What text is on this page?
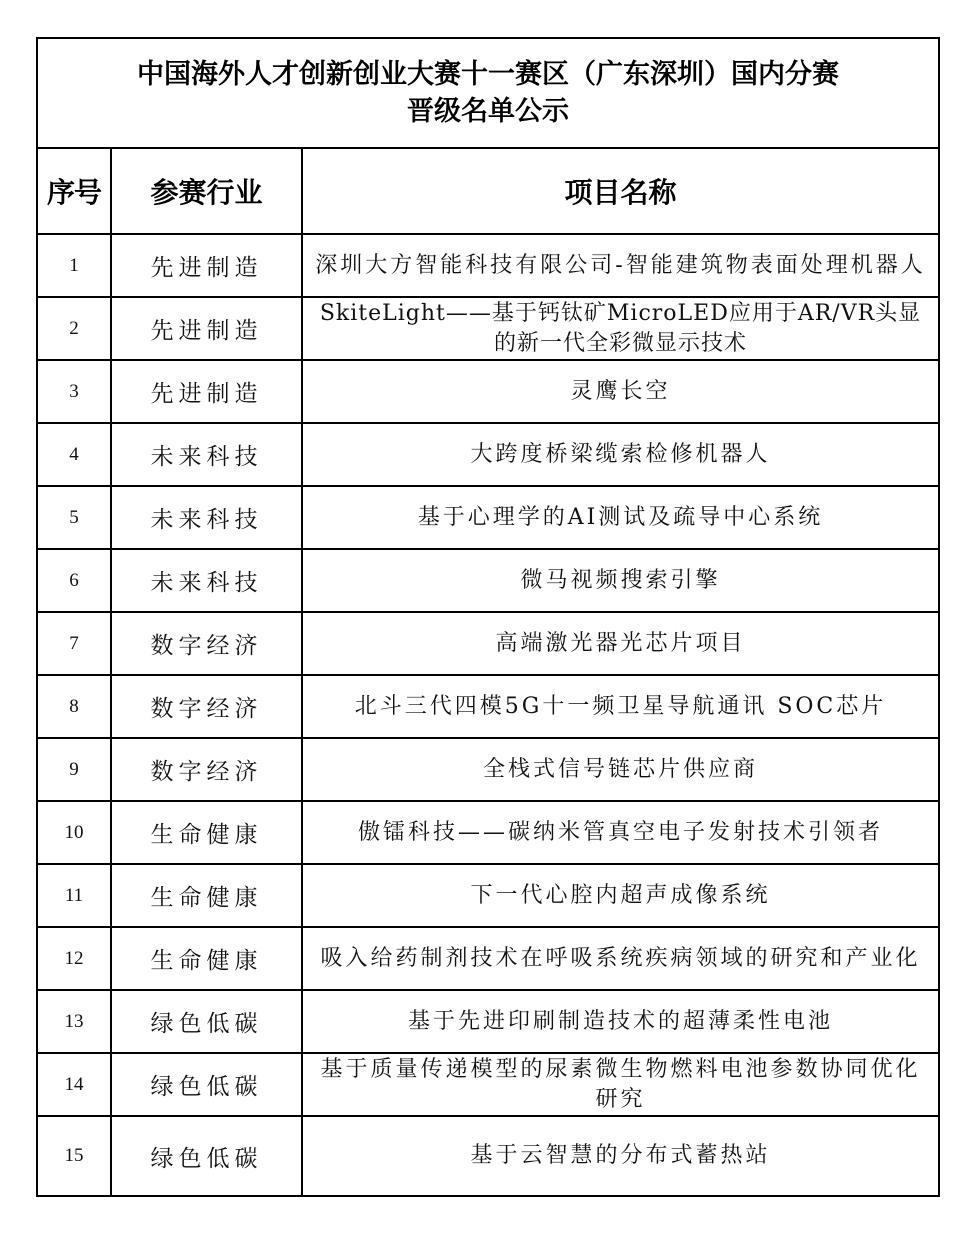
中国海外人才创新创业大赛十一赛区（广东深圳）国内分赛
晋级名单公示		

序号	参赛行业	项目名称
1	先进制造	深圳大方智能科技有限公司-智能建筑物表面处理机器人
2	先进制造	SkiteLight——基于钙钛矿MicroLED应用于AR/VR头显的新一代全彩微显示技术
3	先进制造	灵鹰长空
4	未来科技	大跨度桥梁缆索检修机器人
5	未来科技	基于心理学的AI测试及疏导中心系统
6	未来科技	微马视频搜索引擎
7	数字经济	高端激光器光芯片项目
8	数字经济	北斗三代四模5G十一频卫星导航通讯 SOC芯片
9	数字经济	全栈式信号链芯片供应商
10	生命健康	傲镭科技——碳纳米管真空电子发射技术引领者
11	生命健康	下一代心腔内超声成像系统
12	生命健康	吸入给药制剂技术在呼吸系统疾病领域的研究和产业化
13	绿色低碳	基于先进印刷制造技术的超薄柔性电池
14	绿色低碳	基于质量传递模型的尿素微生物燃料电池参数协同优化研究
15	绿色低碳	基于云智慧的分布式蓄热站
